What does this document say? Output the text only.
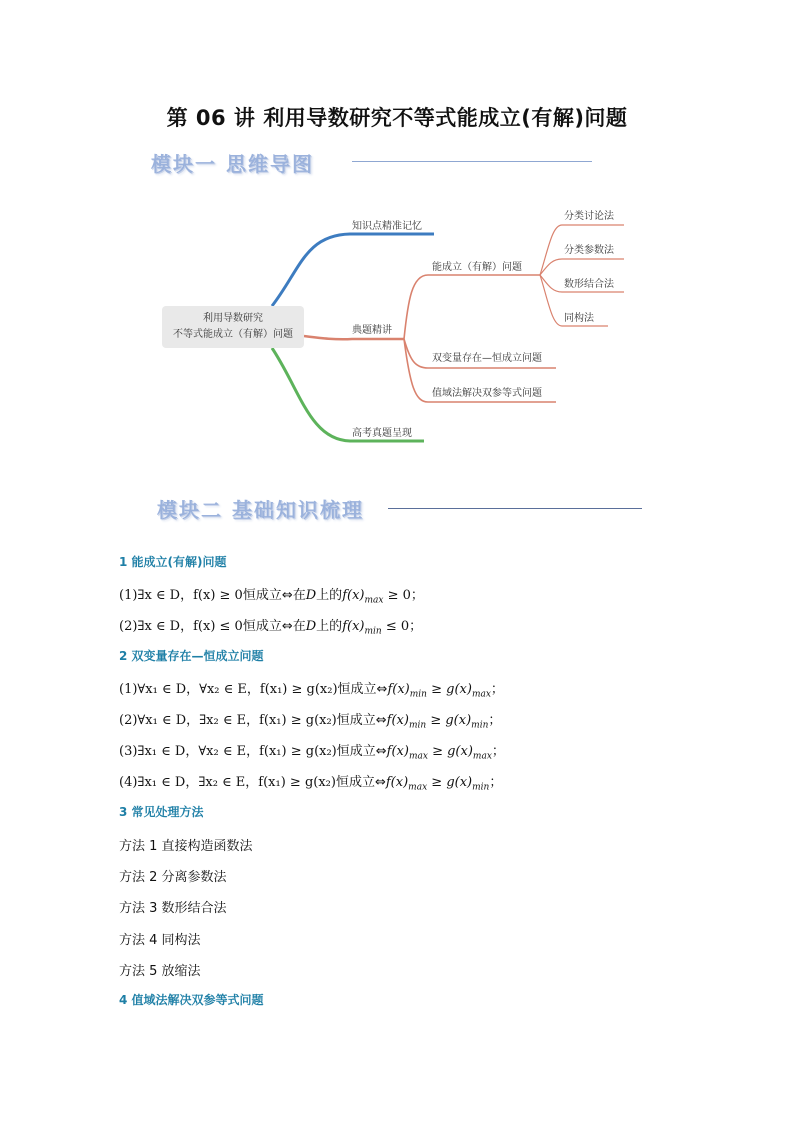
第 06 讲 利用导数研究不等式能成立(有解)问题
模块一 思维导图
利用导数研究
不等式能成立（有解）问题
知识点精准记忆
典题精讲
高考真题呈现
能成立（有解）问题
双变量存在—恒成立问题
值域法解决双参等式问题
分类讨论法
分类参数法
数形结合法
同构法
模块二 基础知识梳理
1 能成立(有解)问题
(1)∃x ∈ D，f(x) ≥ 0恒成立⇔在D上的$f(x)_{max} \ge 0$；
(2)∃x ∈ D，f(x) ≤ 0恒成立⇔在D上的$f(x)_{min} \le 0$；
2 双变量存在—恒成立问题
(1)∀x₁ ∈ D，∀x₂ ∈ E，f(x₁) ≥ g(x₂)恒成立$\Leftrightarrow f(x)_{min} \ge g(x)_{max}$；
(2)∀x₁ ∈ D，∃x₂ ∈ E，f(x₁) ≥ g(x₂)恒成立$\Leftrightarrow f(x)_{min} \ge g(x)_{min}$；
(3)∃x₁ ∈ D，∀x₂ ∈ E，f(x₁) ≥ g(x₂)恒成立$\Leftrightarrow f(x)_{max} \ge g(x)_{max}$；
(4)∃x₁ ∈ D，∃x₂ ∈ E，f(x₁) ≥ g(x₂)恒成立$\Leftrightarrow f(x)_{max} \ge g(x)_{min}$；
3 常见处理方法
方法 1 直接构造函数法
方法 2 分离参数法
方法 3 数形结合法
方法 4 同构法
方法 5 放缩法
4 值域法解决双参等式问题
